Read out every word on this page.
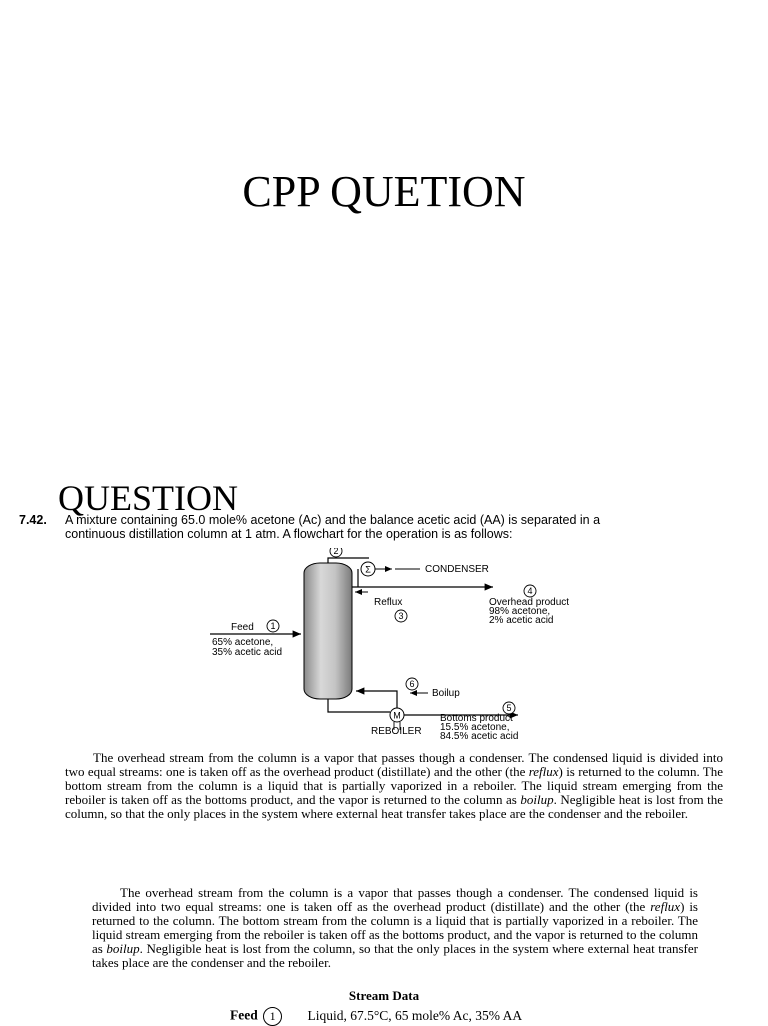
CPP QUETION
QUESTION
7.42. A mixture containing 65.0 mole% acetone (Ac) and the balance acetic acid (AA) is separated in a
continuous distillation column at 1 atm. A flowchart for the operation is as follows:
2
Σ	CONDENSER
Reflux
3
4
Overhead product
98% acetone,
2% acetic acid
Feed 1
65% acetone,
35% acetic acid
6
Boilup
M
REBOILER
5
Bottoms product
15.5% acetone,
84.5% acetic acid

The overhead stream from the column is a vapor that passes though a condenser. The condensed liquid is divided into two equal streams: one is taken off as the overhead product (distillate) and the other (the reflux) is returned to the column. The bottom stream from the column is a liquid that is partially vaporized in a reboiler. The liquid stream emerging from the reboiler is taken off as the bottoms product, and the vapor is returned to the column as boilup. Negligible heat is lost from the column, so that the only places in the system where external heat transfer takes place are the condenser and the reboiler.

The overhead stream from the column is a vapor that passes though a condenser. The condensed liquid is divided into two equal streams: one is taken off as the overhead product (distillate) and the other (the reflux) is returned to the column. The bottom stream from the column is a liquid that is partially vaporized in a reboiler. The liquid stream emerging from the reboiler is taken off as the bottoms product, and the vapor is returned to the column as boilup. Negligible heat is lost from the column, so that the only places in the system where external heat transfer takes place are the condenser and the reboiler.

Stream Data
Feed 1 Liquid, 67.5°C, 65 mole% Ac, 35% AA
